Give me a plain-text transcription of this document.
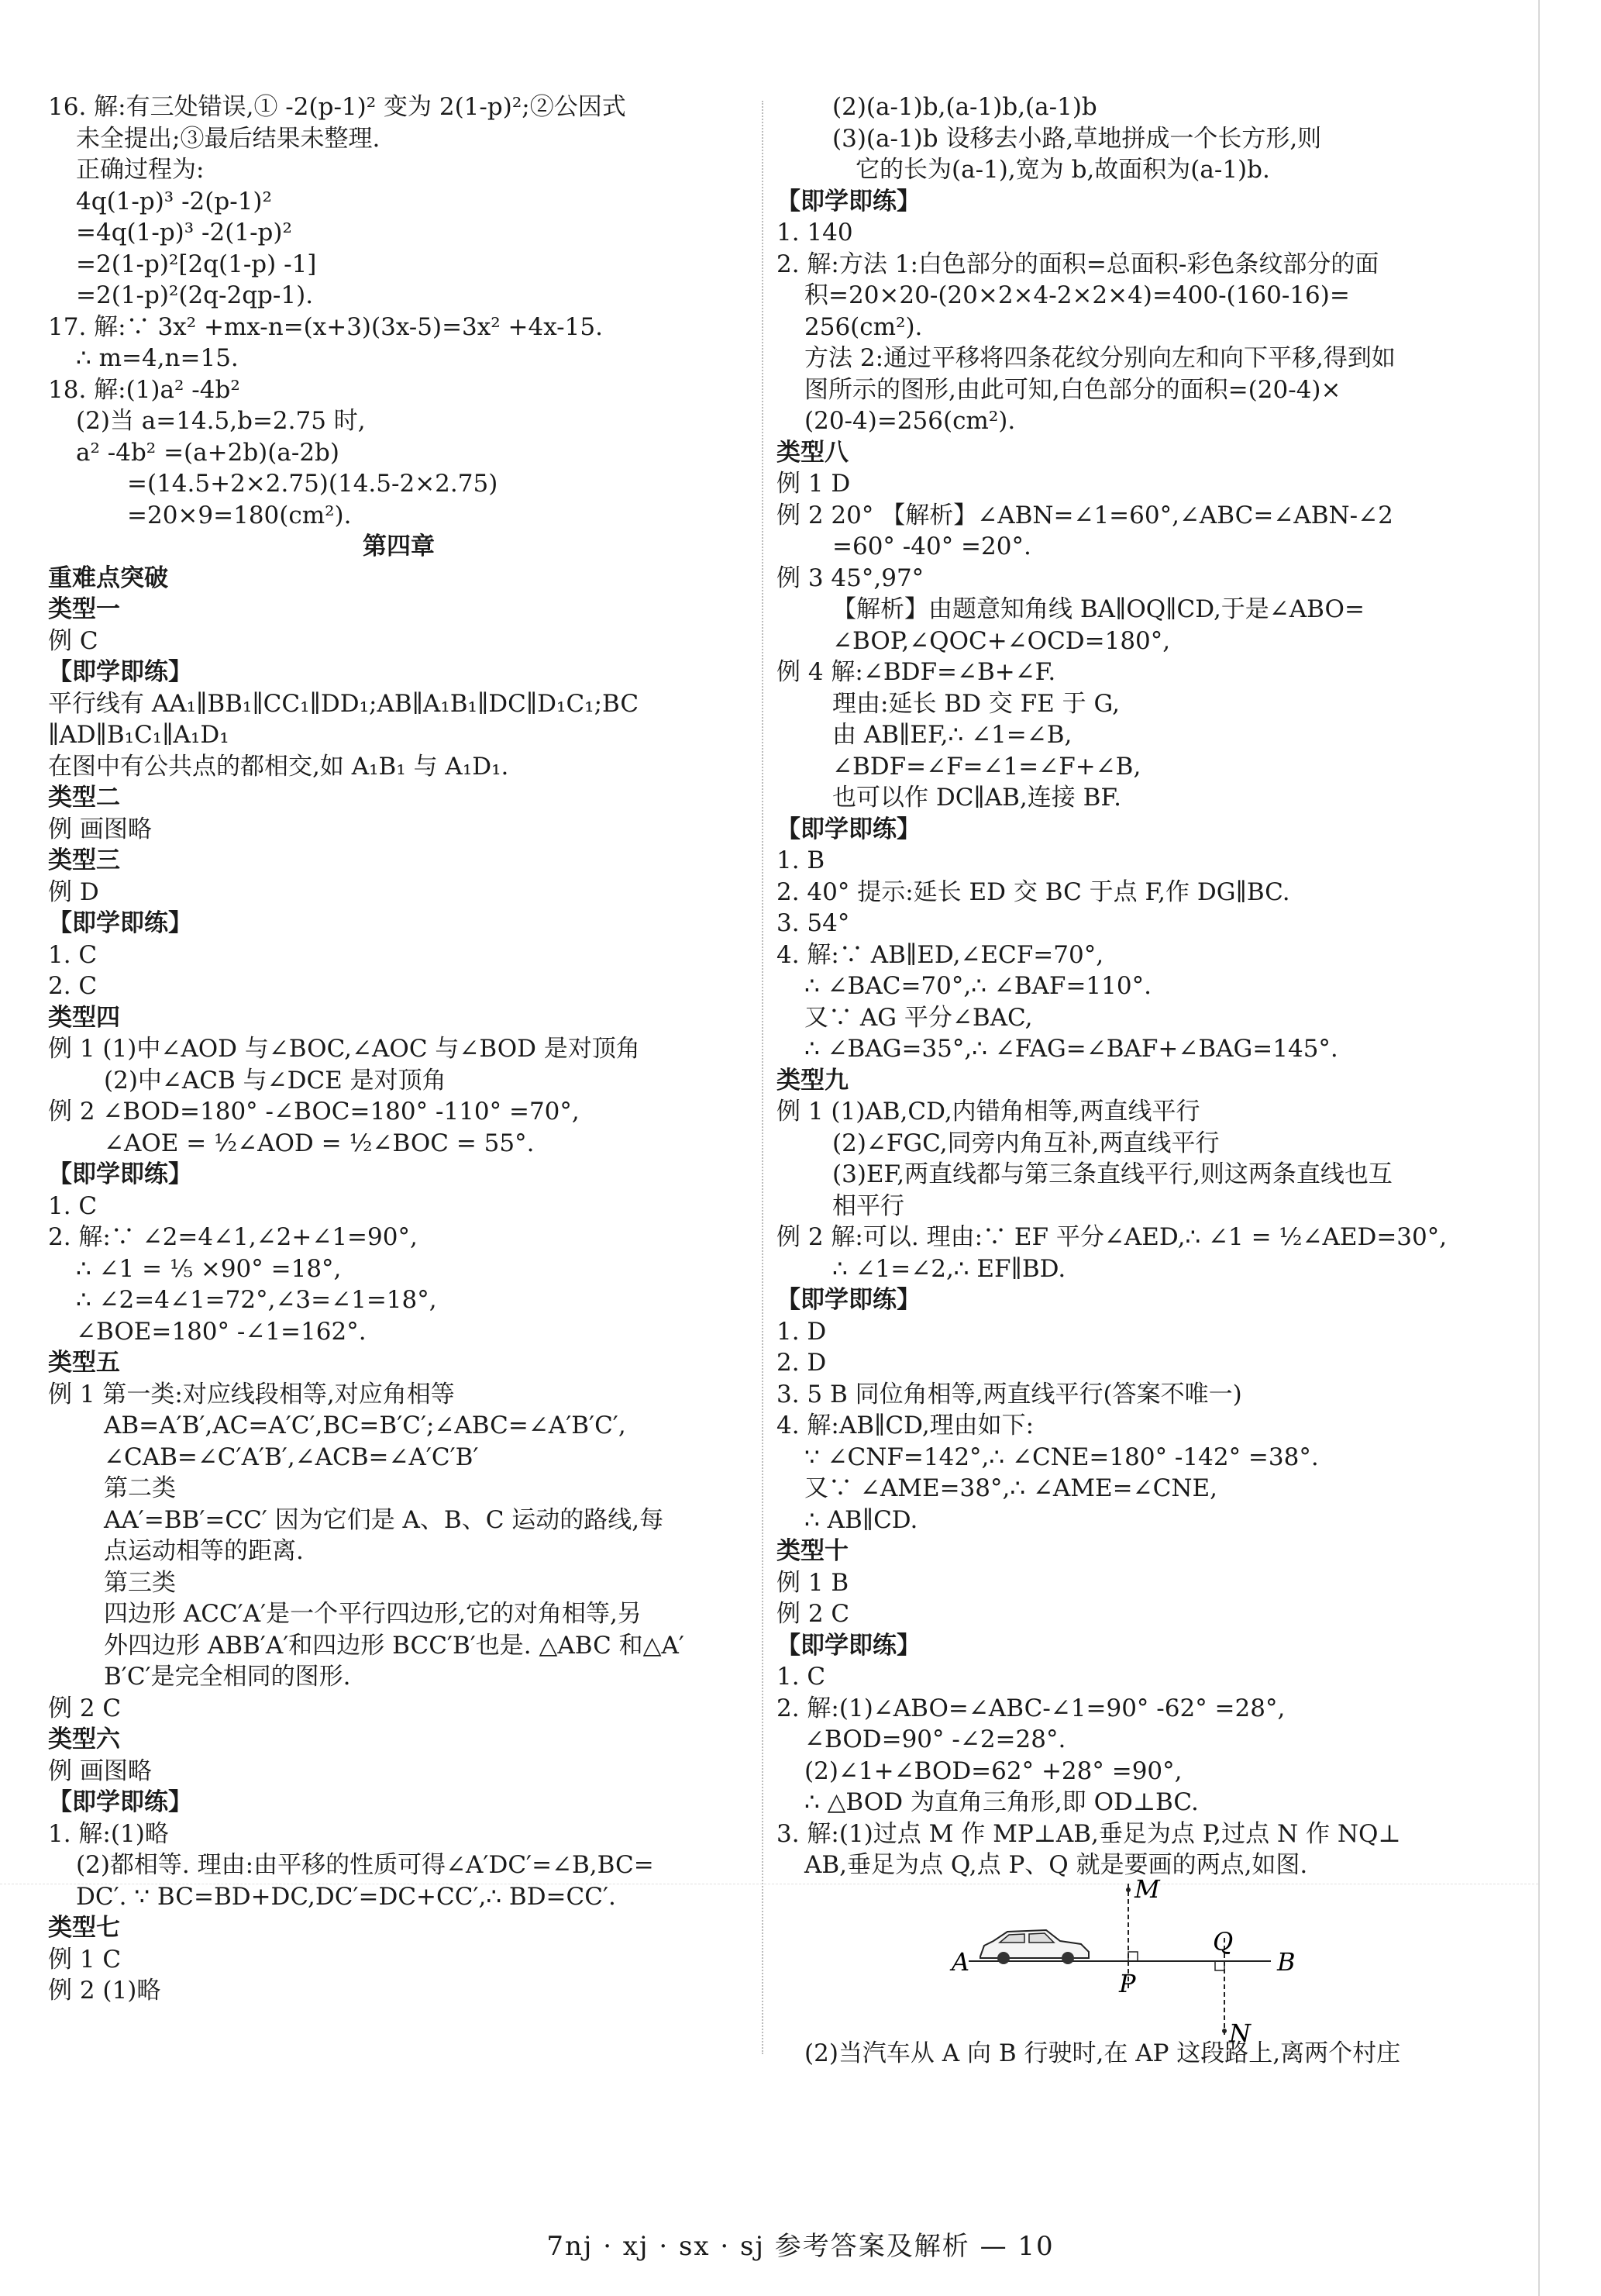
16. 解:有三处错误,① -2(p-1)² 变为 2(1-p)²;②公因式
未全提出;③最后结果未整理.
正确过程为:
4q(1-p)³ -2(p-1)²
=4q(1-p)³ -2(1-p)²
=2(1-p)²[2q(1-p) -1]
=2(1-p)²(2q-2qp-1).
17. 解:∵ 3x² +mx-n=(x+3)(3x-5)=3x² +4x-15.
∴ m=4,n=15.
18. 解:(1)a² -4b²
(2)当 a=14.5,b=2.75 时,
a² -4b² =(a+2b)(a-2b)
=(14.5+2×2.75)(14.5-2×2.75)
=20×9=180(cm²).
第四章
重难点突破
类型一
例 C
【即学即练】
平行线有 AA₁∥BB₁∥CC₁∥DD₁;AB∥A₁B₁∥DC∥D₁C₁;BC
∥AD∥B₁C₁∥A₁D₁
在图中有公共点的都相交,如 A₁B₁ 与 A₁D₁.
类型二
例 画图略
类型三
例 D
【即学即练】
1. C
2. C
类型四
例 1 (1)中∠AOD 与∠BOC,∠AOC 与∠BOD 是对顶角
(2)中∠ACB 与∠DCE 是对顶角
例 2 ∠BOD=180° -∠BOC=180° -110° =70°,
∠AOE = ½∠AOD = ½∠BOC = 55°.
【即学即练】
1. C
2. 解:∵ ∠2=4∠1,∠2+∠1=90°,
∴ ∠1 = ⅕ ×90° =18°,
∴ ∠2=4∠1=72°,∠3=∠1=18°,
∠BOE=180° -∠1=162°.
类型五
例 1 第一类:对应线段相等,对应角相等
AB=A′B′,AC=A′C′,BC=B′C′;∠ABC=∠A′B′C′,
∠CAB=∠C′A′B′,∠ACB=∠A′C′B′
第二类
AA′=BB′=CC′ 因为它们是 A、B、C 运动的路线,每
点运动相等的距离.
第三类
四边形 ACC′A′是一个平行四边形,它的对角相等,另
外四边形 ABB′A′和四边形 BCC′B′也是. △ABC 和△A′
B′C′是完全相同的图形.
例 2 C
类型六
例 画图略
【即学即练】
1. 解:(1)略
(2)都相等. 理由:由平移的性质可得∠A′DC′=∠B,BC=
DC′. ∵ BC=BD+DC,DC′=DC+CC′,∴ BD=CC′.
类型七
例 1 C
例 2 (1)略
(2)(a-1)b,(a-1)b,(a-1)b
(3)(a-1)b 设移去小路,草地拼成一个长方形,则
它的长为(a-1),宽为 b,故面积为(a-1)b.
【即学即练】
1. 140
2. 解:方法 1:白色部分的面积=总面积-彩色条纹部分的面
积=20×20-(20×2×4-2×2×4)=400-(160-16)=
256(cm²).
方法 2:通过平移将四条花纹分别向左和向下平移,得到如
图所示的图形,由此可知,白色部分的面积=(20-4)×
(20-4)=256(cm²).
类型八
例 1 D
例 2 20° 【解析】∠ABN=∠1=60°,∠ABC=∠ABN-∠2
=60° -40° =20°.
例 3 45°,97°
【解析】由题意知角线 BA∥OQ∥CD,于是∠ABO=
∠BOP,∠QOC+∠OCD=180°,
例 4 解:∠BDF=∠B+∠F.
理由:延长 BD 交 FE 于 G,
由 AB∥EF,∴ ∠1=∠B,
∠BDF=∠F=∠1=∠F+∠B,
也可以作 DC∥AB,连接 BF.
【即学即练】
1. B
2. 40° 提示:延长 ED 交 BC 于点 F,作 DG∥BC.
3. 54°
4. 解:∵ AB∥ED,∠ECF=70°,
∴ ∠BAC=70°,∴ ∠BAF=110°.
又∵ AG 平分∠BAC,
∴ ∠BAG=35°,∴ ∠FAG=∠BAF+∠BAG=145°.
类型九
例 1 (1)AB,CD,内错角相等,两直线平行
(2)∠FGC,同旁内角互补,两直线平行
(3)EF,两直线都与第三条直线平行,则这两条直线也互
相平行
例 2 解:可以. 理由:∵ EF 平分∠AED,∴ ∠1 = ½∠AED=30°,
∴ ∠1=∠2,∴ EF∥BD.
【即学即练】
1. D
2. D
3. 5 B 同位角相等,两直线平行(答案不唯一)
4. 解:AB∥CD,理由如下:
∵ ∠CNF=142°,∴ ∠CNE=180° -142° =38°.
又∵ ∠AME=38°,∴ ∠AME=∠CNE,
∴ AB∥CD.
类型十
例 1 B
例 2 C
【即学即练】
1. C
2. 解:(1)∠ABO=∠ABC-∠1=90° -62° =28°,
∠BOD=90° -∠2=28°.
(2)∠1+∠BOD=62° +28° =90°,
∴ △BOD 为直角三角形,即 OD⊥BC.
3. 解:(1)过点 M 作 MP⊥AB,垂足为点 P,过点 N 作 NQ⊥
AB,垂足为点 Q,点 P、Q 就是要画的两点,如图.
(2)当汽车从 A 向 B 行驶时,在 AP 这段路上,离两个村庄
A	B
M
N
P
Q
7nj · xj · sx · sj 参考答案及解析 — 10
